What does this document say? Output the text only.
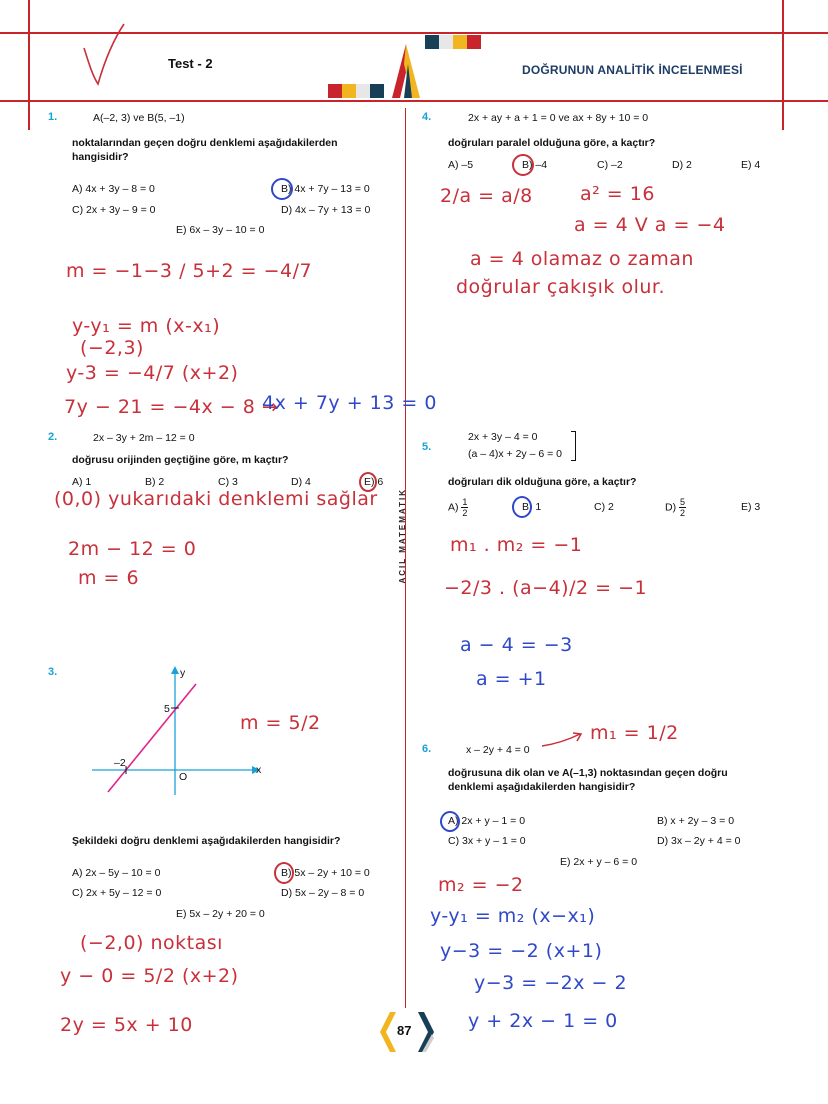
Test - 2	DOĞRUNUN ANALİTİK İNCELENMESİ
ACIL MATEMATIK
1.	A(–2, 3) ve B(5, –1)
noktalarından geçen doğru denklemi aşağıdakilerden hangisidir?
A) 4x + 3y – 8 = 0	B) 4x + 7y – 13 = 0
C) 2x + 3y – 9 = 0	D) 4x – 7y + 13 = 0
E) 6x – 3y – 10 = 0
m = −1−3 / 5+2 = −4/7
y-y₁ = m (x-x₁)
(−2,3)
y-3 = −4/7 (x+2)
7y − 21 = −4x − 8 →
4x + 7y + 13 = 0
2.	2x – 3y + 2m – 12 = 0
doğrusu orijinden geçtiğine göre, m kaçtır?
A) 1	B) 2	C) 3	D) 4	E) 6
(0,0) yukarıdaki denklemi sağlar
2m − 12 = 0
m = 6
3.	y
x
O
5
–2
m = 5/2
Şekildeki doğru denklemi aşağıdakilerden hangisidir?
A) 2x – 5y – 10 = 0	B) 5x – 2y + 10 = 0
C) 2x + 5y – 12 = 0	D) 5x – 2y – 8 = 0
E) 5x – 2y + 20 = 0
(−2,0) noktası
y − 0 = 5/2 (x+2)
2y = 5x + 10
4.	2x + ay + a + 1 = 0 ve ax + 8y + 10 = 0
doğruları paralel olduğuna göre, a kaçtır?
A) –5	B) –4	C) –2	D) 2	E) 4
2/a = a/8 a² = 16
a = 4 V a = −4
a = 4 olamaz o zaman
doğrular çakışık olur.
5.
2x + 3y – 4 = 0
(a – 4)x + 2y – 6 = 0
doğruları dik olduğuna göre, a kaçtır?
$A) \frac{1}{2}$	B) 1	C) 2	$D) \frac{5}{2}$	E) 3
m₁ . m₂ = −1
−2/3 . (a−4)/2 = −1
a − 4 = −3
a = +1
6.	x – 2y + 4 = 0
m₁ = 1/2
doğrusuna dik olan ve A(–1,3) noktasından geçen doğru denklemi aşağıdakilerden hangisidir?
A) 2x + y – 1 = 0	B) x + 2y – 3 = 0
C) 3x + y – 1 = 0	D) 3x – 2y + 4 = 0
E) 2x + y – 6 = 0
m₂ = −2
y-y₁ = m₂ (x−x₁)
y−3 = −2 (x+1)
y−3 = −2x − 2
y + 2x − 1 = 0
87
